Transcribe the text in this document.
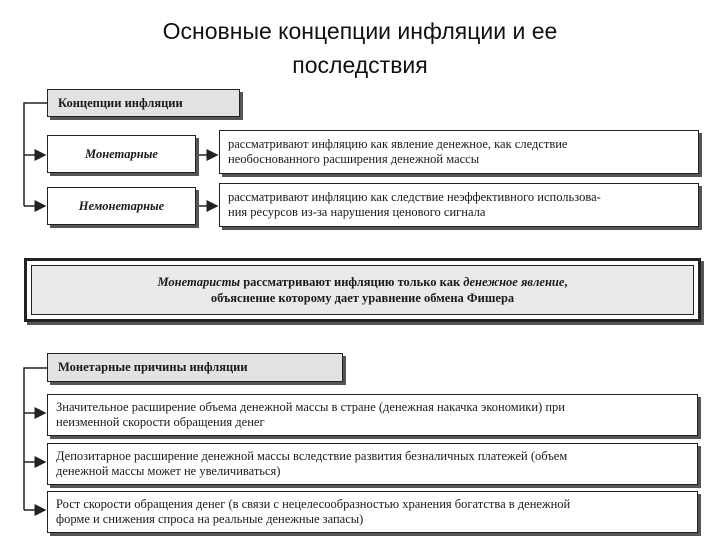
Основные концепции инфляции и ее
последствия
Концепции инфляции
Монетарные
рассматривают инфляцию как явление денежное, как следствие
необоснованного расширения денежной массы
Немонетарные
рассматривают инфляцию как следствие неэффективного использова-
ния ресурсов из-за нарушения ценового сигнала
Монетаристы рассматривают инфляцию только как денежное явление,
объяснение которому дает уравнение обмена Фишера
Монетарные причины инфляции
Значительное расширение объема денежной массы в стране (денежная накачка экономики) при
неизменной скорости обращения денег
Депозитарное расширение денежной массы вследствие развития безналичных платежей (объем
денежной массы может не увеличиваться)
Рост скорости обращения денег (в связи с нецелесообразностью хранения богатства в денежной
форме и снижения спроса на реальные денежные запасы)
